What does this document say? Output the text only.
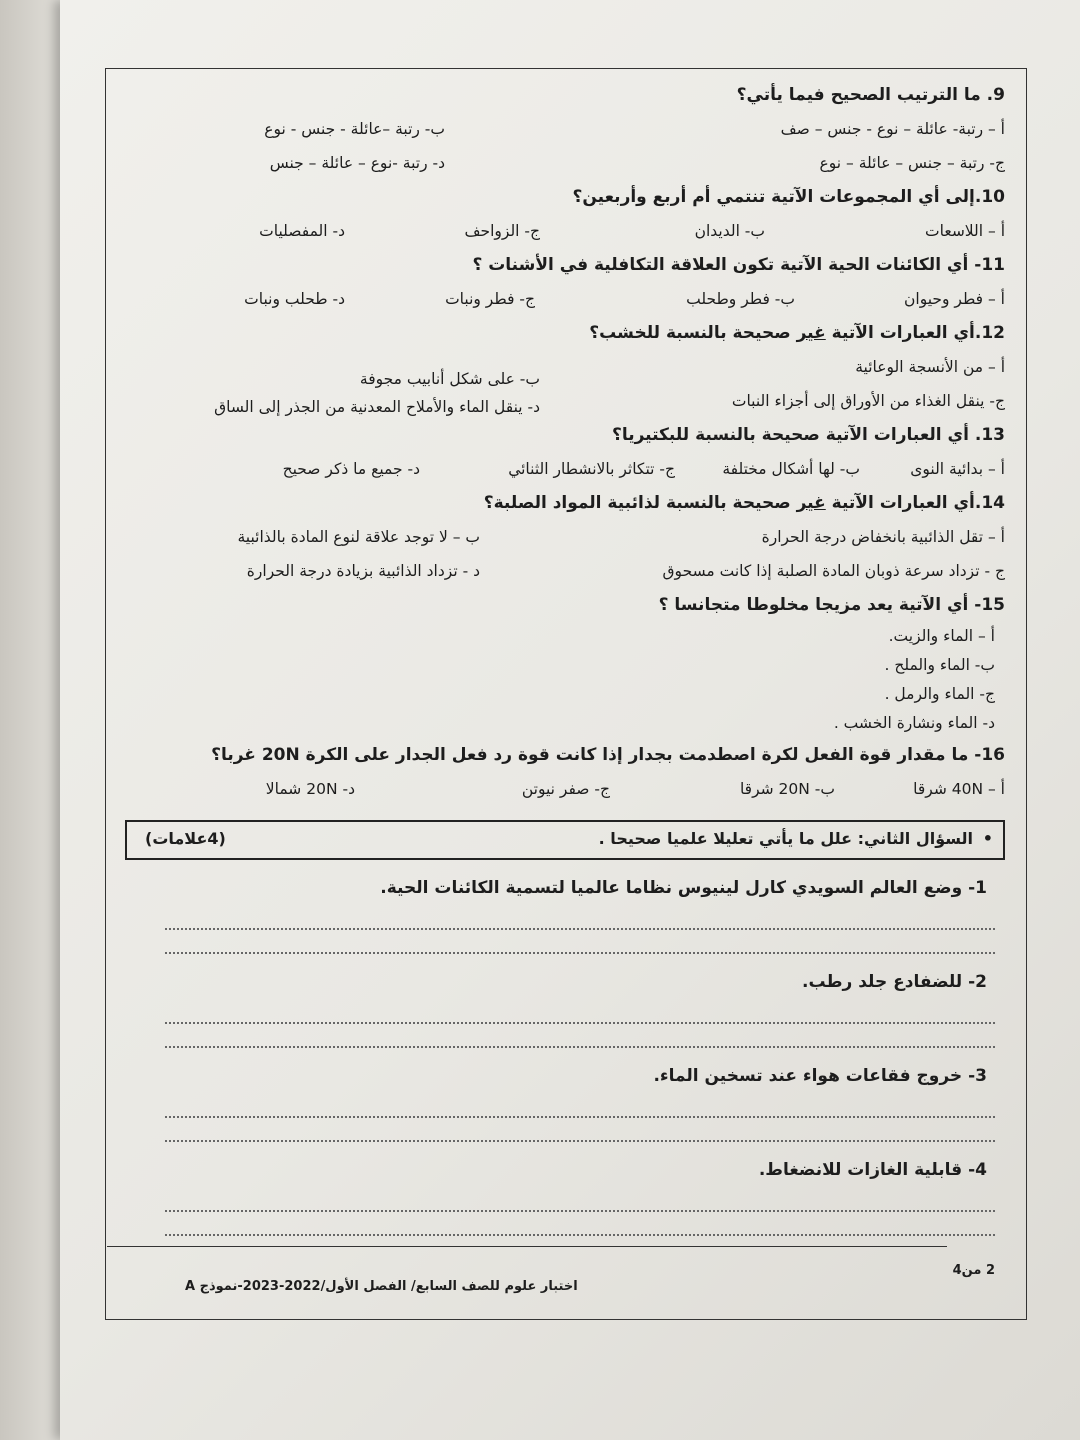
9. ما الترتيب الصحيح فيما يأتي؟
أ – رتبة- عائلة – نوع - جنس – صف
ب- رتبة –عائلة - جنس - نوع
ج- رتبة – جنس – عائلة – نوع
د- رتبة -نوع – عائلة – جنس
10.إلى أي المجموعات الآتية تنتمي أم أربع وأربعين؟
أ – اللاسعات
ب- الديدان
ج- الزواحف
د- المفصليات
11- أي الكائنات الحية الآتية تكون العلاقة التكافلية في الأشنات ؟
أ – فطر وحيوان
ب- فطر وطحلب
ج- فطر ونبات
د- طحلب ونبات
12.أي العبارات الآتية غير صحيحة بالنسبة للخشب؟
أ – من الأنسجة الوعائية
ب- على شكل أنابيب مجوفة
ج- ينقل الغذاء من الأوراق إلى أجزاء النبات
د- ينقل الماء والأملاح المعدنية من الجذر إلى الساق
13. أي العبارات الآتية صحيحة بالنسبة للبكتيريا؟
أ – بدائية النوى
ب- لها أشكال مختلفة
ج- تتكاثر بالانشطار الثنائي
د- جميع ما ذكر صحيح
14.أي العبارات الآتية غير صحيحة بالنسبة لذائبية المواد الصلبة؟
أ – تقل الذائبية بانخفاض درجة الحرارة
ب – لا توجد علاقة لنوع المادة بالذائبية
ج - تزداد سرعة ذوبان المادة الصلبة إذا كانت مسحوق
د - تزداد الذائبية بزيادة درجة الحرارة
15- أي الآتية يعد مزيجا مخلوطا متجانسا ؟
أ – الماء والزيت.
ب- الماء والملح .
ج- الماء والرمل .
د- الماء ونشارة الخشب .
16- ما مقدار قوة الفعل لكرة اصطدمت بجدار إذا كانت قوة رد فعل الجدار على الكرة 20N غربا؟
أ – 40N شرقا
ب- 20N شرقا
ج- صفر نيوتن
د- 20N شمالا
•
السؤال الثاني: علل ما يأتي تعليلا علميا صحيحا .
(4علامات)
1- وضع العالم السويدي كارل لينيوس نظاما عالميا لتسمية الكائنات الحية.
2- للضفادع جلد رطب.
3- خروج فقاعات هواء عند تسخين الماء.
4- قابلية الغازات للانضغاط.
2 من4
اختبار علوم للصف السابع/ الفصل الأول/2022-2023-نموذج A
